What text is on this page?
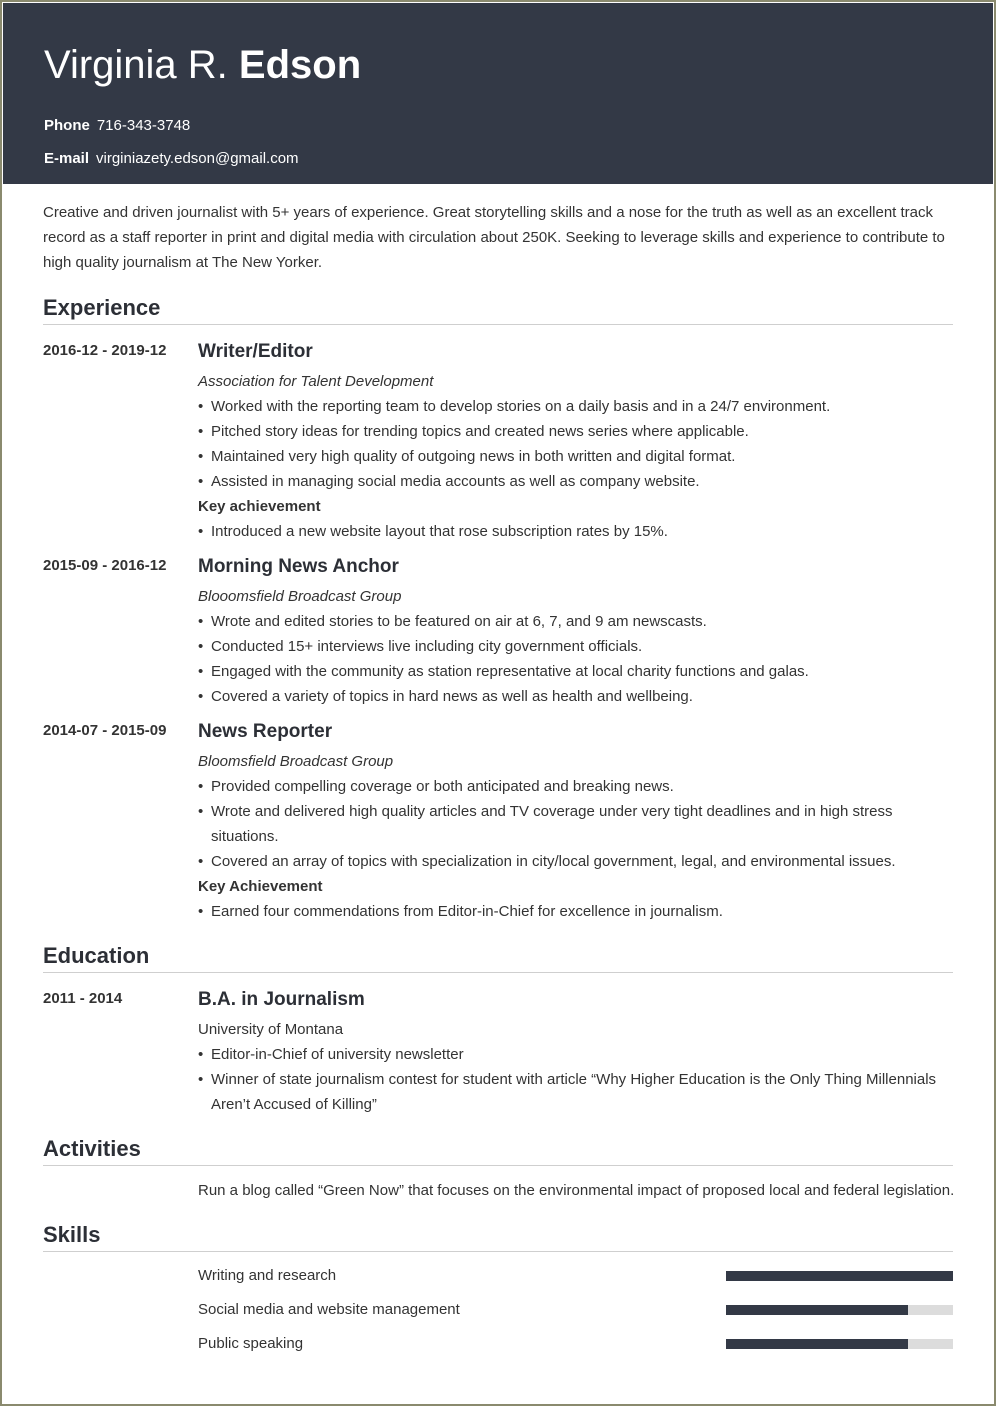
Virginia R. Edson
Phone 716-343-3748
E-mail virginiazety.edson@gmail.com
Creative and driven journalist with 5+ years of experience. Great storytelling skills and a nose for the truth as well as an excellent track record as a staff reporter in print and digital media with circulation about 250K. Seeking to leverage skills and experience to contribute to high quality journalism at The New Yorker.
Experience
2016-12 - 2019-12	Writer/Editor
Association for Talent Development
• Worked with the reporting team to develop stories on a daily basis and in a 24/7 environment.
• Pitched story ideas for trending topics and created news series where applicable.
• Maintained very high quality of outgoing news in both written and digital format.
• Assisted in managing social media accounts as well as company website.
Key achievement
• Introduced a new website layout that rose subscription rates by 15%.
2015-09 - 2016-12	Morning News Anchor
Blooomsfield Broadcast Group
• Wrote and edited stories to be featured on air at 6, 7, and 9 am newscasts.
• Conducted 15+ interviews live including city government officials.
• Engaged with the community as station representative at local charity functions and galas.
• Covered a variety of topics in hard news as well as health and wellbeing.
2014-07 - 2015-09	News Reporter
Bloomsfield Broadcast Group
• Provided compelling coverage or both anticipated and breaking news.
• Wrote and delivered high quality articles and TV coverage under very tight deadlines and in high stress situations.
• Covered an array of topics with specialization in city/local government, legal, and environmental issues.
Key Achievement
• Earned four commendations from Editor-in-Chief for excellence in journalism.
Education
2011 - 2014	B.A. in Journalism
University of Montana
• Editor-in-Chief of university newsletter
• Winner of state journalism contest for student with article “Why Higher Education is the Only Thing Millennials Aren’t Accused of Killing”
Activities
Run a blog called “Green Now” that focuses on the environmental impact of proposed local and federal legislation.
Skills
Writing and research
Social media and website management
Public speaking
